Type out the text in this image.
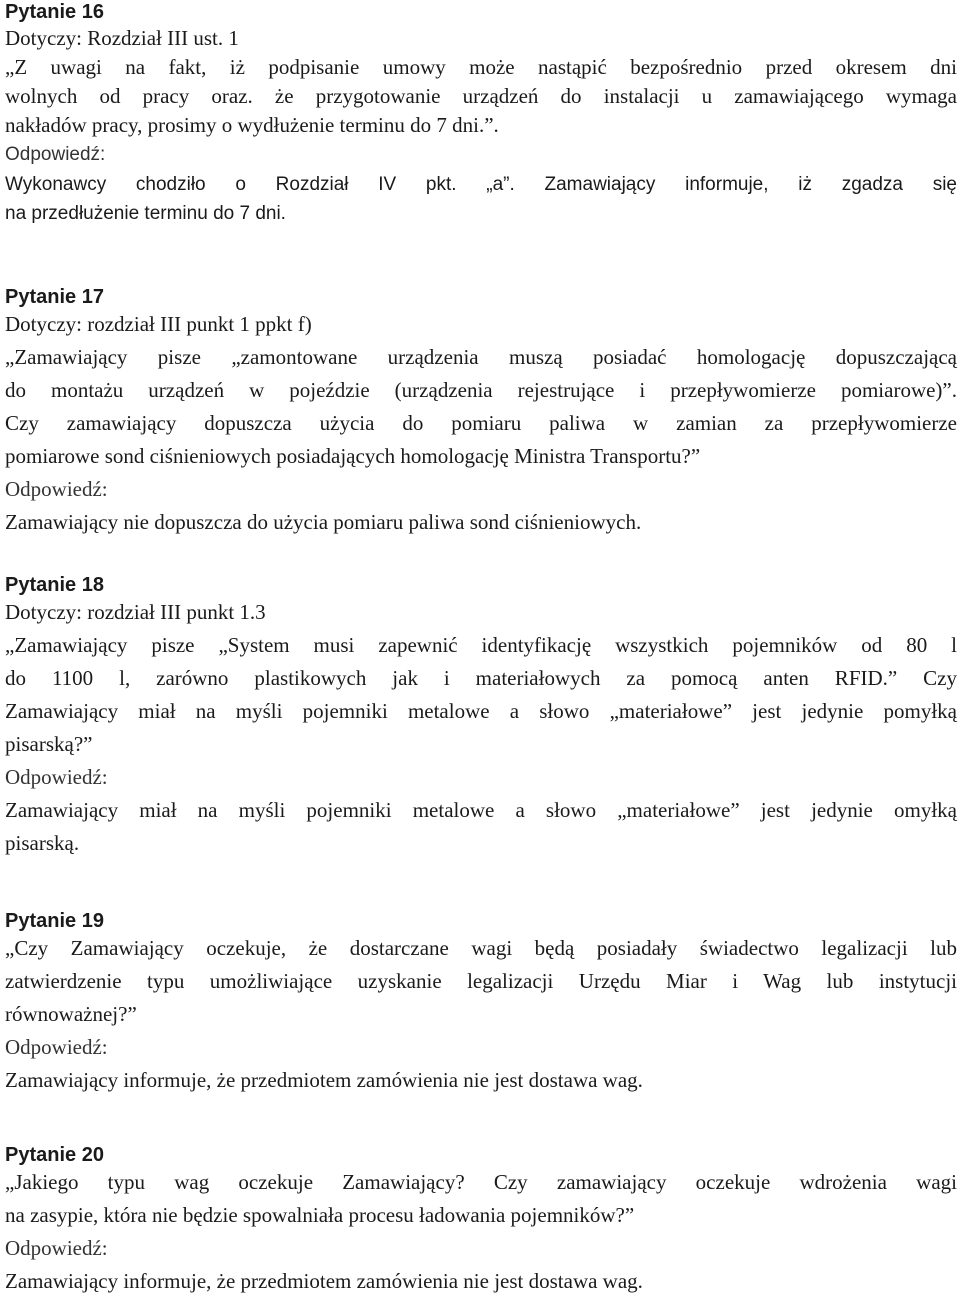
Pytanie 16

Dotyczy: Rozdział III ust. 1

„Z uwagi na fakt, iż podpisanie umowy może nastąpić bezpośrednio przed okresem dni

wolnych od pracy oraz. że przygotowanie urządzeń do instalacji u zamawiającego wymaga

nakładów pracy, prosimy o wydłużenie terminu do 7 dni.”.

Odpowiedź:

Wykonawcy chodziło o Rozdział IV pkt. „a”. Zamawiający informuje, iż zgadza się

na przedłużenie terminu do 7 dni.

Pytanie 17

Dotyczy: rozdział III punkt 1 ppkt f)

„Zamawiający pisze „zamontowane urządzenia muszą posiadać homologację dopuszczającą

do montażu urządzeń w pojeździe (urządzenia rejestrujące i przepływomierze pomiarowe)”.

Czy zamawiający dopuszcza użycia do pomiaru paliwa w zamian za przepływomierze

pomiarowe sond ciśnieniowych posiadających homologację Ministra Transportu?”

Odpowiedź:

Zamawiający nie dopuszcza do użycia pomiaru paliwa sond ciśnieniowych.

Pytanie 18

Dotyczy: rozdział III punkt 1.3

„Zamawiający pisze „System musi zapewnić identyfikację wszystkich pojemników od 80 l

do 1100 l, zarówno plastikowych jak i materiałowych za pomocą anten RFID.” Czy

Zamawiający miał na myśli pojemniki metalowe a słowo „materiałowe” jest jedynie pomyłką

pisarską?”

Odpowiedź:

Zamawiający miał na myśli pojemniki metalowe a słowo „materiałowe” jest jedynie omyłką

pisarską.

Pytanie 19

„Czy Zamawiający oczekuje, że dostarczane wagi będą posiadały świadectwo legalizacji lub

zatwierdzenie typu umożliwiające uzyskanie legalizacji Urzędu Miar i Wag lub instytucji

równoważnej?”

Odpowiedź:

Zamawiający informuje, że przedmiotem zamówienia nie jest dostawa wag.

Pytanie 20

„Jakiego typu wag oczekuje Zamawiający? Czy zamawiający oczekuje wdrożenia wagi

na zasypie, która nie będzie spowalniała procesu ładowania pojemników?”

Odpowiedź:

Zamawiający informuje, że przedmiotem zamówienia nie jest dostawa wag.
